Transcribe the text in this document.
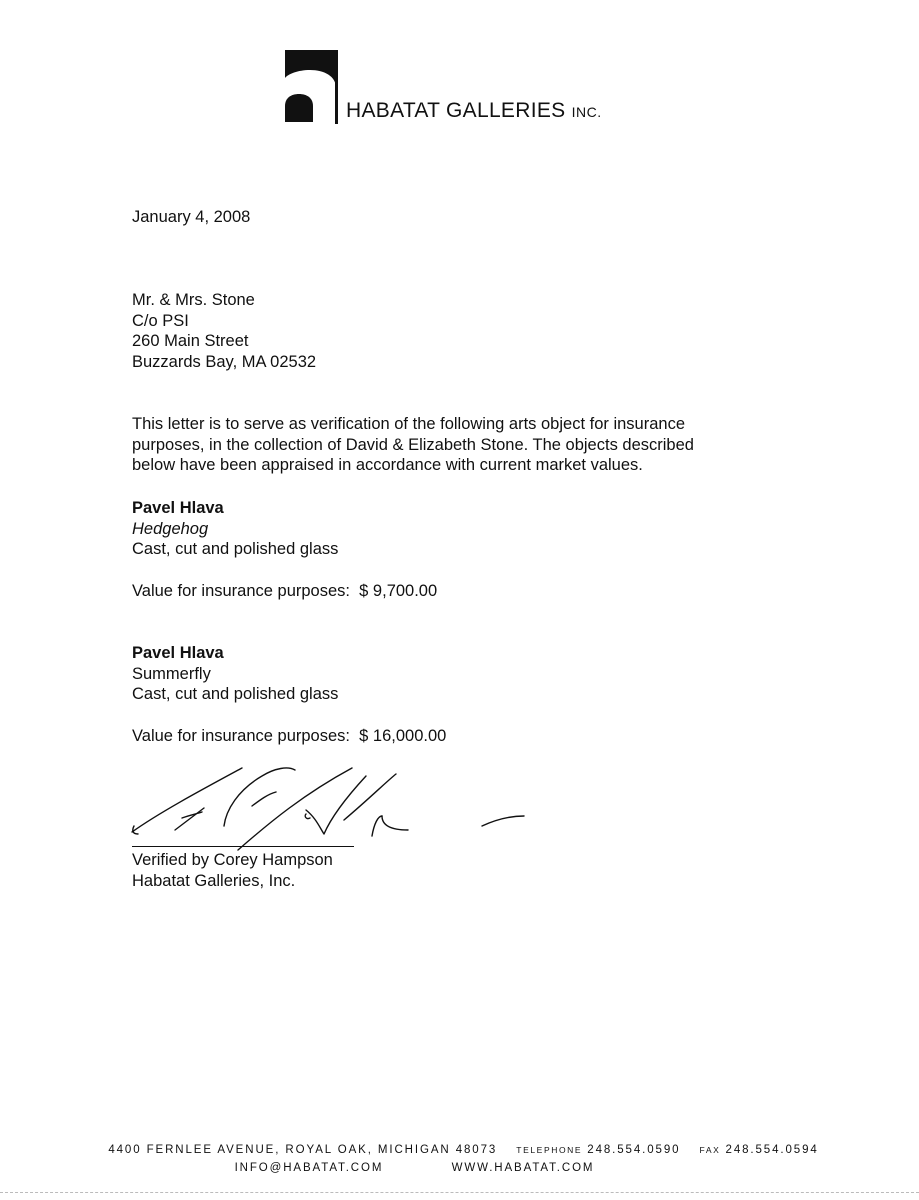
HABATAT GALLERIES INC.
January 4, 2008
Mr. & Mrs. Stone
C/o PSI
260 Main Street
Buzzards Bay, MA 02532
This letter is to serve as verification of the following arts object for insurance
purposes, in the collection of David & Elizabeth Stone. The objects described
below have been appraised in accordance with current market values.
Pavel Hlava
Hedgehog
Cast, cut and polished glass
Value for insurance purposes: $ 9,700.00
Pavel Hlava
Summerfly
Cast, cut and polished glass
Value for insurance purposes: $ 16,000.00
Verified by Corey Hampson
Habatat Galleries, Inc.
4400 FERNLEE AVENUE, ROYAL OAK, MICHIGAN 48073 TELEPHONE 248.554.0590 FAX 248.554.0594
INFO@HABATAT.COM	WWW.HABATAT.COM
